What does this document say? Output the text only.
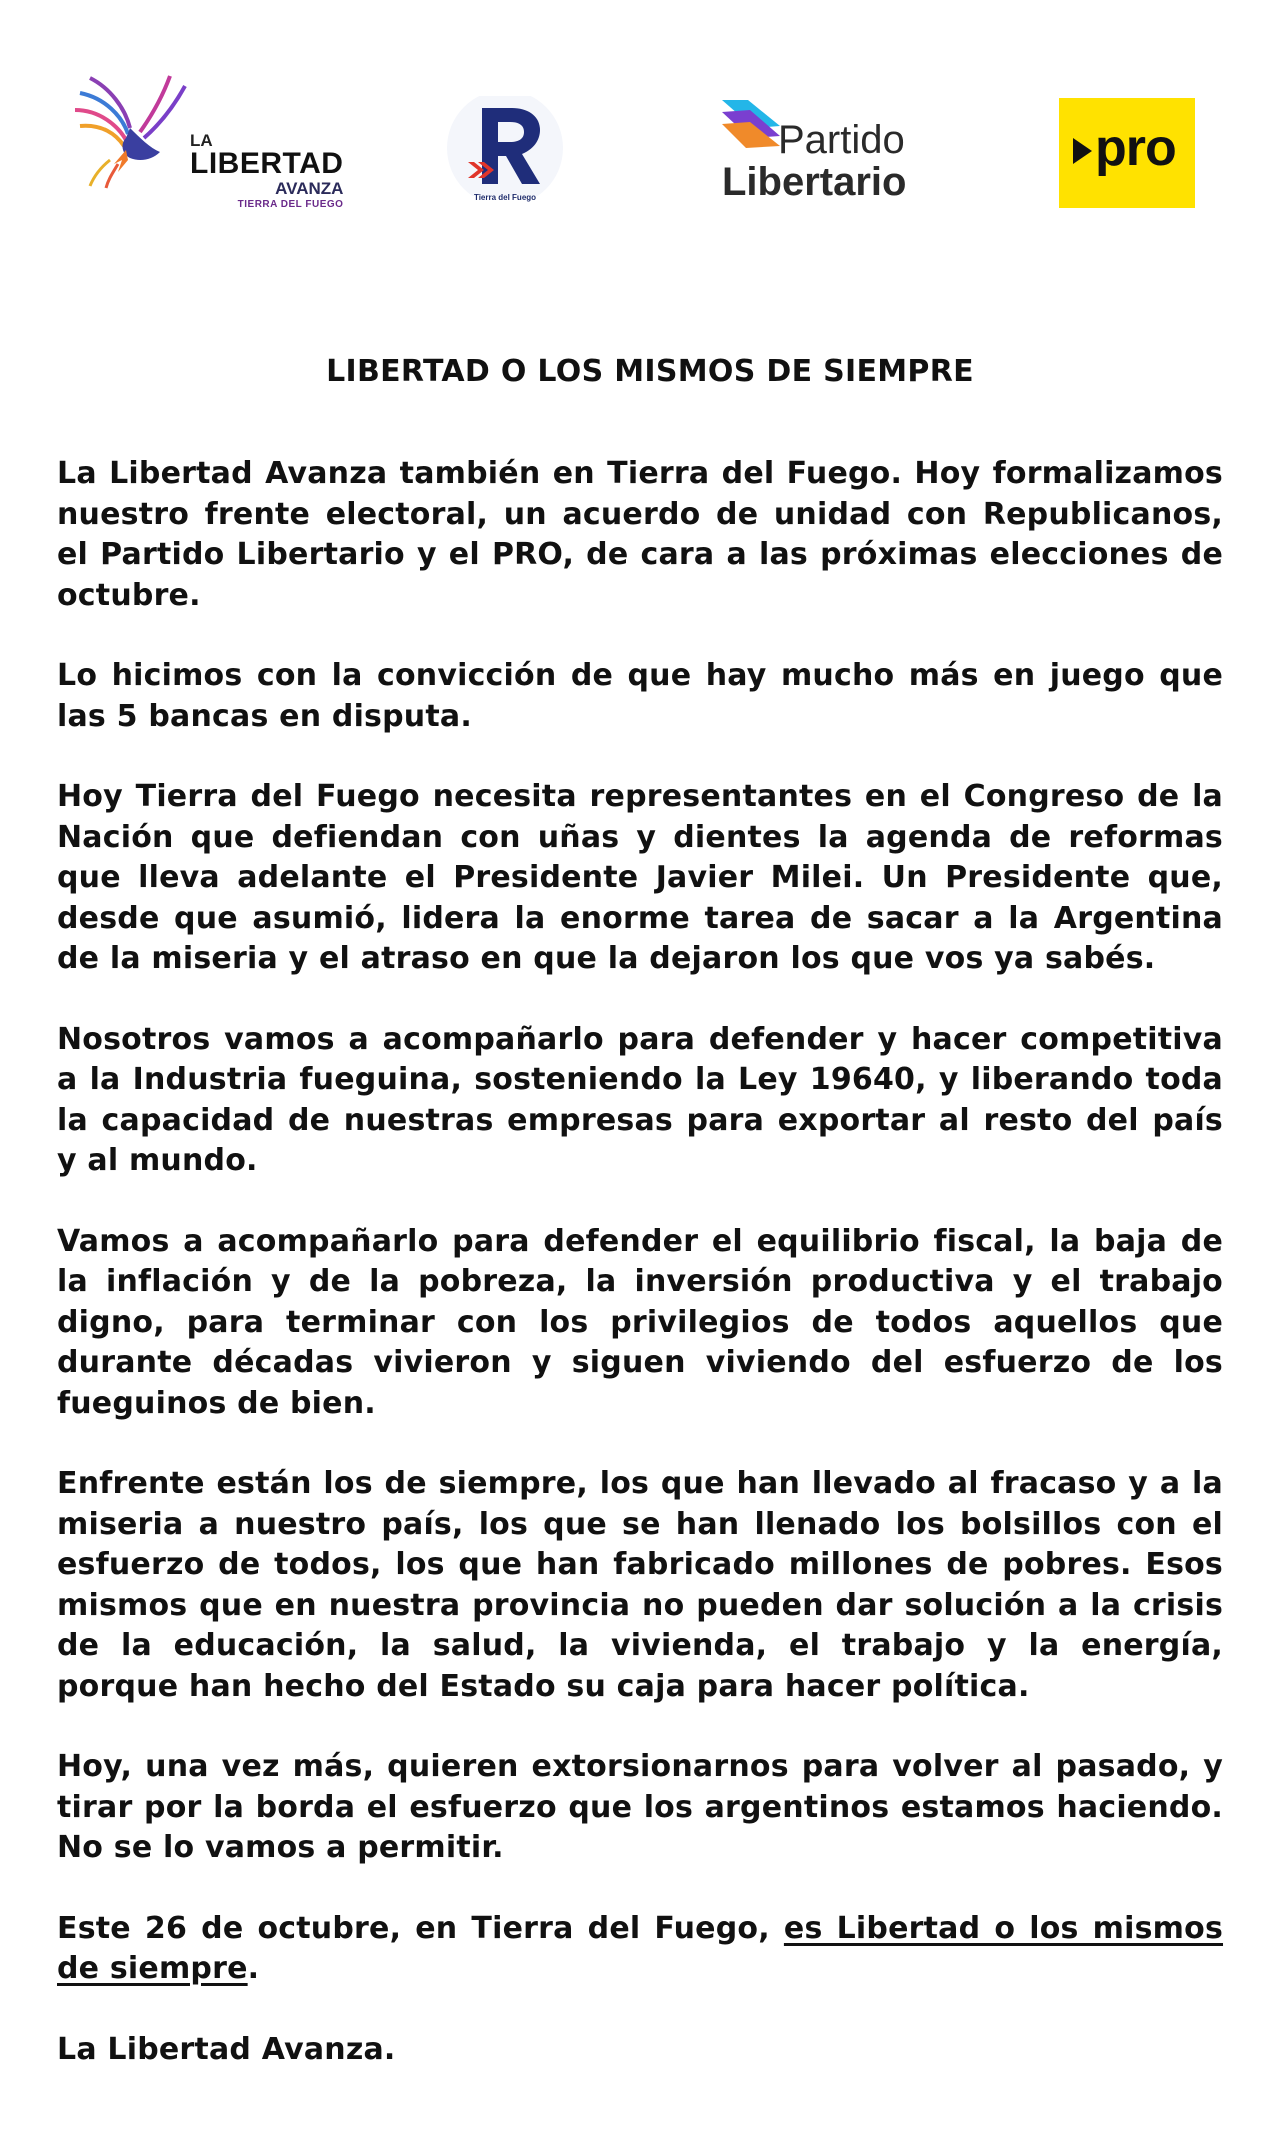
LA
LIBERTAD
AVANZA
TIERRA DEL FUEGO
Tierra del Fuego
Partido
Libertario
pro
LIBERTAD O LOS MISMOS DE SIEMPRE

La Libertad Avanza también en Tierra del Fuego. Hoy formalizamos nuestro frente electoral, un acuerdo de unidad con Republicanos, el Partido Libertario y el PRO, de cara a las próximas elecciones de octubre.

Lo hicimos con la convicción de que hay mucho más en juego que las 5 bancas en disputa.

Hoy Tierra del Fuego necesita representantes en el Congreso de la Nación que defiendan con uñas y dientes la agenda de reformas que lleva adelante el Presidente Javier Milei. Un Presidente que, desde que asumió, lidera la enorme tarea de sacar a la Argentina de la miseria y el atraso en que la dejaron los que vos ya sabés.

Nosotros vamos a acompañarlo para defender y hacer competitiva a la Industria fueguina, sosteniendo la Ley 19640, y liberando toda la capacidad de nuestras empresas para exportar al resto del país y al mundo.

Vamos a acompañarlo para defender el equilibrio fiscal, la baja de la inflación y de la pobreza, la inversión productiva y el trabajo digno, para terminar con los privilegios de todos aquellos que durante décadas vivieron y siguen viviendo del esfuerzo de los fueguinos de bien.

Enfrente están los de siempre, los que han llevado al fracaso y a la miseria a nuestro país, los que se han llenado los bolsillos con el esfuerzo de todos, los que han fabricado millones de pobres. Esos mismos que en nuestra provincia no pueden dar solución a la crisis de la educación, la salud, la vivienda, el trabajo y la energía, porque han hecho del Estado su caja para hacer política.

Hoy, una vez más, quieren extorsionarnos para volver al pasado, y tirar por la borda el esfuerzo que los argentinos estamos haciendo. No se lo vamos a permitir.

Este 26 de octubre, en Tierra del Fuego, es Libertad o los mismos de siempre.

La Libertad Avanza.
